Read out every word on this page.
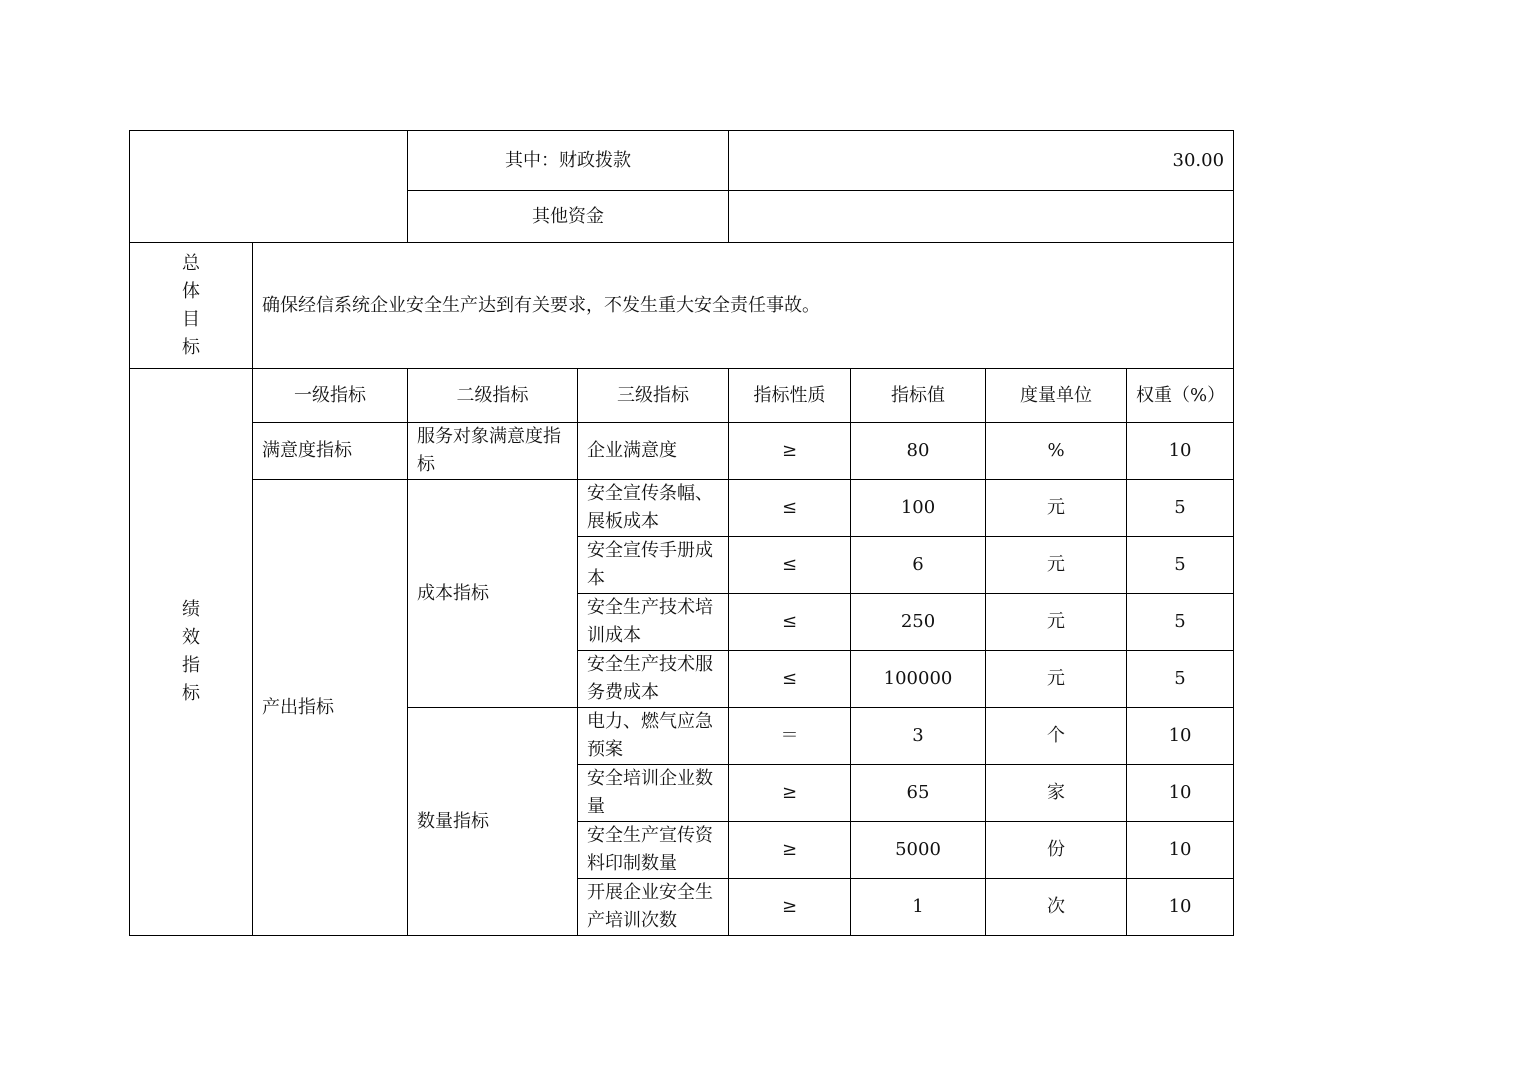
		其中：财政拨款		30.00			
		其他资金					

总
体
目
标	确保经信系统企业安全生产达到有关要求，不发生重大安全责任事故。						

绩
效
指
标	一级指标	二级指标	三级指标	指标性质	指标值	度量单位	权重（%）
	满意度指标	服务对象满意度指标	企业满意度	≥	80	%	10
	产出指标	成本指标	安全宣传条幅、展板成本	≤	100	元	5
			安全宣传手册成本	≤	6	元	5
			安全生产技术培训成本	≤	250	元	5
			安全生产技术服务费成本	≤	100000	元	5
		数量指标	电力、燃气应急预案	＝	3	个	10
			安全培训企业数量	≥	65	家	10
			安全生产宣传资料印制数量	≥	5000	份	10
			开展企业安全生产培训次数	≥	1	次	10
